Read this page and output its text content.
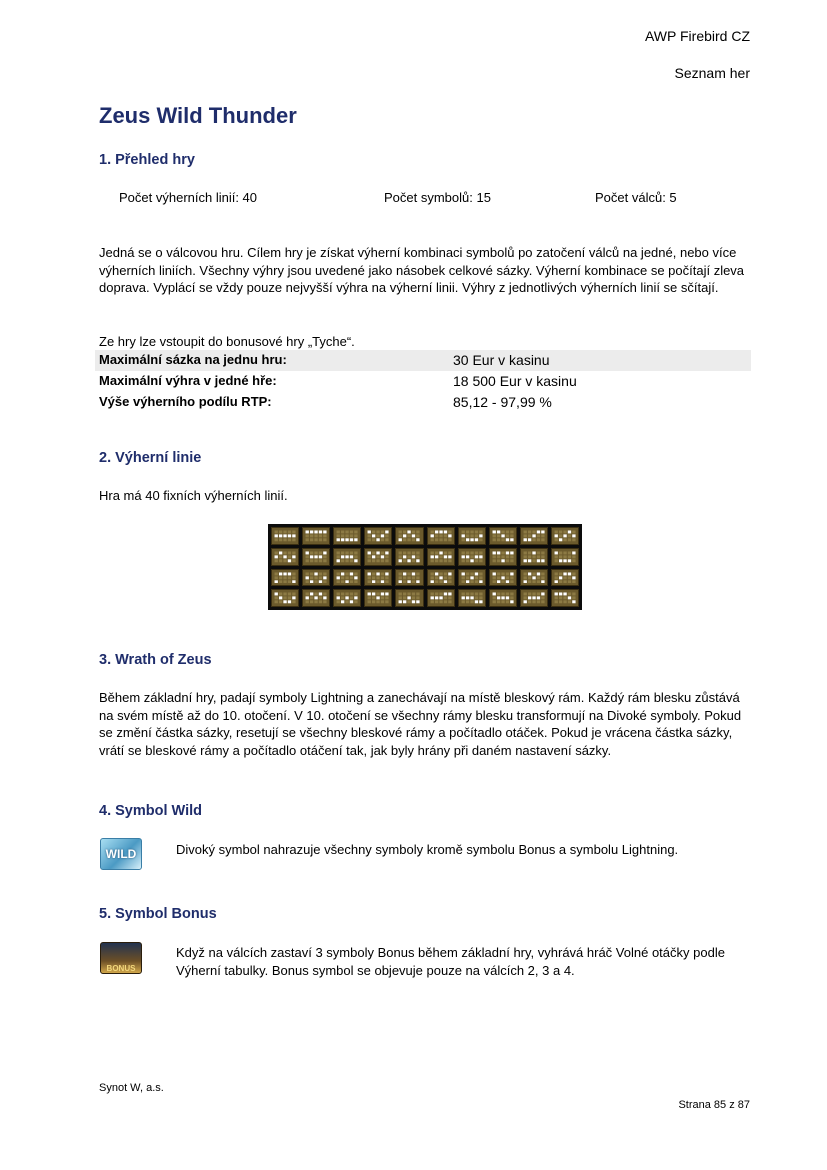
AWP Firebird CZ
Seznam her
Zeus Wild Thunder
1. Přehled hry
Počet výherních linií: 40	Počet symbolů: 15	Počet válců: 5
Jedná se o válcovou hru. Cílem hry je získat výherní kombinaci symbolů po zatočení válců na jedné, nebo více výherních liniích. Všechny výhry jsou uvedené jako násobek celkové sázky. Výherní kombinace se počítají zleva doprava. Vyplácí se vždy pouze nejvyšší výhra na výherní linii. Výhry z jednotlivých výherních linií se sčítají.
Ze hry lze vstoupit do bonusové hry „Tyche“.
Maximální sázka na jednu hru:	30 Eur v kasinu
Maximální výhra v jedné hře:	18 500 Eur v kasinu
Výše výherního podílu RTP:	85,12 - 97,99 %
2. Výherní linie
Hra má 40 fixních výherních linií.
3. Wrath of Zeus
Během základní hry, padají symboly Lightning a zanechávají na místě bleskový rám. Každý rám blesku zůstává na svém místě až do 10. otočení. V 10. otočení se všechny rámy blesku transformují na Divoké symboly. Pokud se změní částka sázky, resetují se všechny bleskové rámy a počítadlo otáček. Pokud je vrácena částka sázky, vrátí se bleskové rámy a počítadlo otáčení tak, jak byly hrány při daném nastavení sázky.
4. Symbol Wild
WILD	Divoký symbol nahrazuje všechny symboly kromě symbolu Bonus a symbolu Lightning.
5. Symbol Bonus
BONUS
Když na válcích zastaví 3 symboly Bonus během základní hry, vyhrává hráč Volné otáčky podle Výherní tabulky. Bonus symbol se objevuje pouze na válcích 2, 3 a 4.
Synot W, a.s.
Strana 85 z 87
